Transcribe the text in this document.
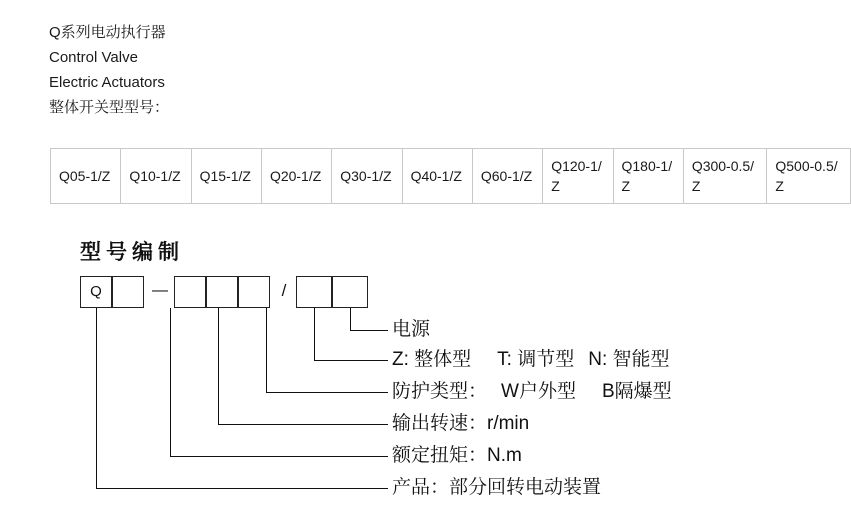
Q系列电动执行器
Control Valve
Electric Actuators
整体开关型型号：
Q05-1/Z	Q10-1/Z	Q15-1/Z	Q20-1/Z	Q30-1/Z	Q40-1/Z	Q60-1/Z	Q120-1/Z	Q180-1/Z	Q300-0.5/Z	Q500-0.5/Z
型号编制
Q	—	/
电源
Z: 整体型 T: 调节型 N: 智能型
防护类型： W户外型 B隔爆型
输出转速：r/min
额定扭矩：N.m
产品：部分回转电动装置
